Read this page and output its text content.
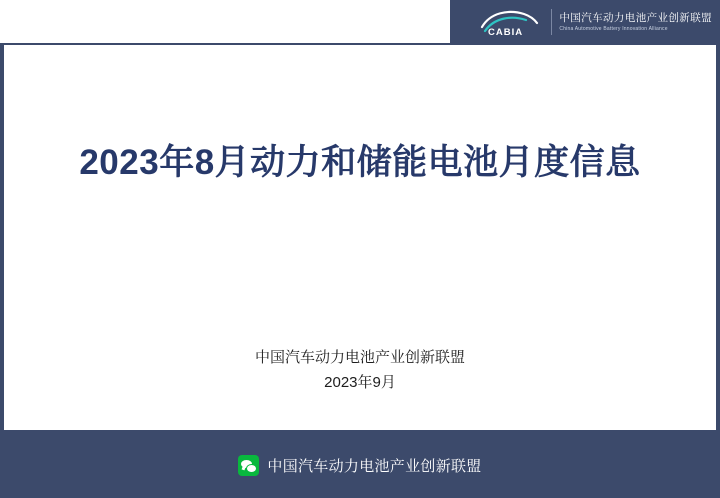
CABIA
中国汽车动力电池产业创新联盟
China Automotive Battery Innovation Alliance
2023年8月动力和储能电池月度信息
中国汽车动力电池产业创新联盟
2023年9月
中国汽车动力电池产业创新联盟
